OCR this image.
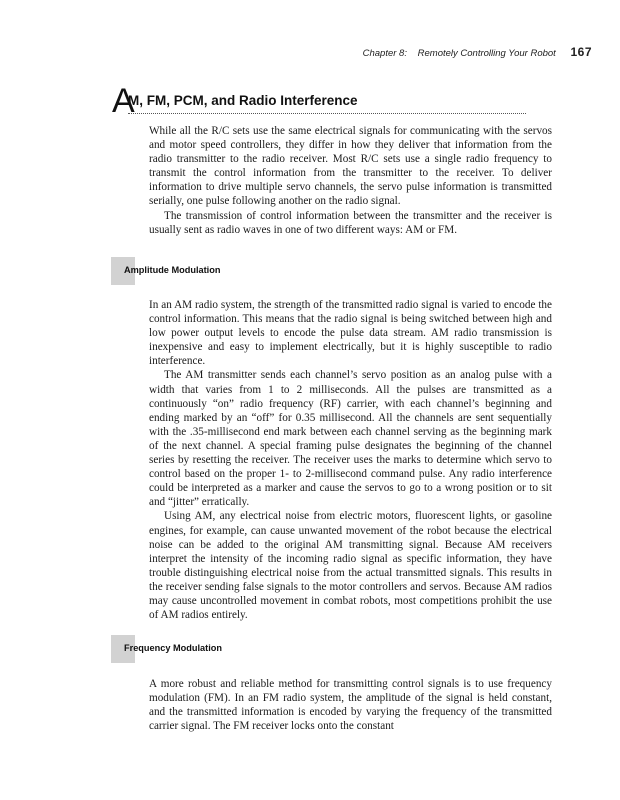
Chapter 8: Remotely Controlling Your Robot 167
A
M, FM, PCM, and Radio Interference

While all the R/C sets use the same electrical signals for communicating with the servos and motor speed controllers, they differ in how they deliver that information from the radio transmitter to the radio receiver. Most R/C sets use a single radio frequency to transmit the control information from the transmitter to the receiver. To deliver information to drive multiple servo channels, the servo pulse information is transmitted serially, one pulse following another on the radio signal.

The transmission of control information between the transmitter and the receiver is usually sent as radio waves in one of two different ways: AM or FM.

Amplitude Modulation

In an AM radio system, the strength of the transmitted radio signal is varied to encode the control information. This means that the radio signal is being switched between high and low power output levels to encode the pulse data stream. AM radio transmission is inexpensive and easy to implement electrically, but it is highly susceptible to radio interference.

The AM transmitter sends each channel’s servo position as an analog pulse with a width that varies from 1 to 2 milliseconds. All the pulses are transmitted as a continuously “on” radio frequency (RF) carrier, with each channel’s beginning and ending marked by an “off” for 0.35 millisecond. All the channels are sent sequentially with the .35-millisecond end mark between each channel serving as the beginning mark of the next channel. A special framing pulse designates the beginning of the channel series by resetting the receiver. The receiver uses the marks to determine which servo to control based on the proper 1- to 2-millisecond command pulse. Any radio interference could be interpreted as a marker and cause the servos to go to a wrong position or to sit and “jitter” erratically.

Using AM, any electrical noise from electric motors, fluorescent lights, or gasoline engines, for example, can cause unwanted movement of the robot because the electrical noise can be added to the original AM transmitting signal. Because AM receivers interpret the intensity of the incoming radio signal as specific information, they have trouble distinguishing electrical noise from the actual transmitted signals. This results in the receiver sending false signals to the motor controllers and servos. Because AM radios may cause uncontrolled movement in combat robots, most competitions prohibit the use of AM radios entirely.

Frequency Modulation

A more robust and reliable method for transmitting control signals is to use frequency modulation (FM). In an FM radio system, the amplitude of the signal is held constant, and the transmitted information is encoded by varying the frequency of the transmitted carrier signal. The FM receiver locks onto the constant
